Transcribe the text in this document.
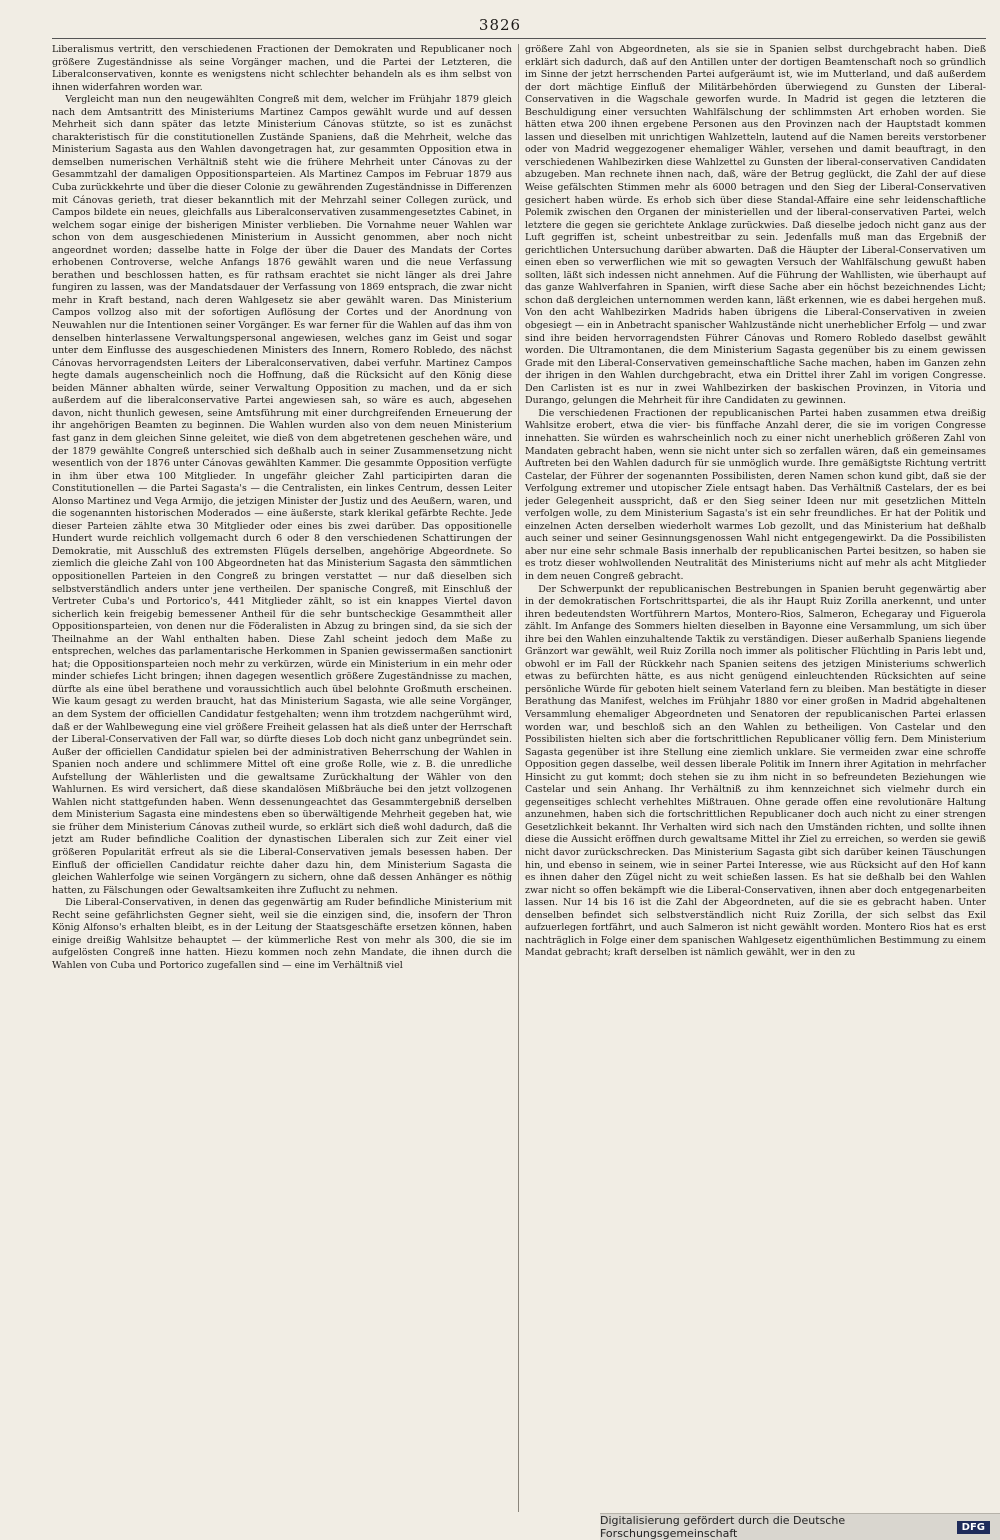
3826

Liberalismus vertritt, den verschiedenen Fractionen der Demokraten und Republicaner noch größere Zugeständnisse als seine Vorgänger machen, und die Partei der Letzteren, die Liberalconservativen, konnte es wenigstens nicht schlechter behandeln als es ihm selbst von ihnen widerfahren worden war.

Vergleicht man nun den neugewählten Congreß mit dem, welcher im Frühjahr 1879 gleich nach dem Amtsantritt des Ministeriums Martinez Campos gewählt wurde und auf dessen Mehrheit sich dann später das letzte Ministerium Cánovas stützte, so ist es zunächst charakteristisch für die constitutionellen Zustände Spaniens, daß die Mehrheit, welche das Ministerium Sagasta aus den Wahlen davongetragen hat, zur gesammten Opposition etwa in demselben numerischen Verhältniß steht wie die frühere Mehrheit unter Cánovas zu der Gesammtzahl der damaligen Oppositionsparteien. Als Martinez Campos im Februar 1879 aus Cuba zurückkehrte und über die dieser Colonie zu gewährenden Zugeständnisse in Differenzen mit Cánovas gerieth, trat dieser bekanntlich mit der Mehrzahl seiner Collegen zurück, und Campos bildete ein neues, gleichfalls aus Liberalconservativen zusammengesetztes Cabinet, in welchem sogar einige der bisherigen Minister verblieben. Die Vornahme neuer Wahlen war schon von dem ausgeschiedenen Ministerium in Aussicht genommen, aber noch nicht angeordnet worden; dasselbe hatte in Folge der über die Dauer des Mandats der Cortes erhobenen Controverse, welche Anfangs 1876 gewählt waren und die neue Verfassung berathen und beschlossen hatten, es für rathsam erachtet sie nicht länger als drei Jahre fungiren zu lassen, was der Mandatsdauer der Verfassung von 1869 entsprach, die zwar nicht mehr in Kraft bestand, nach deren Wahlgesetz sie aber gewählt waren. Das Ministerium Campos vollzog also mit der sofortigen Auflösung der Cortes und der Anordnung von Neuwahlen nur die Intentionen seiner Vorgänger. Es war ferner für die Wahlen auf das ihm von denselben hinterlassene Verwaltungspersonal angewiesen, welches ganz im Geist und sogar unter dem Einflusse des ausgeschiedenen Ministers des Innern, Romero Robledo, des nächst Cánovas hervorragendsten Leiters der Liberalconservativen, dabei verfuhr. Martinez Campos hegte damals augenscheinlich noch die Hoffnung, daß die Rücksicht auf den König diese beiden Männer abhalten würde, seiner Verwaltung Opposition zu machen, und da er sich außerdem auf die liberalconservative Partei angewiesen sah, so wäre es auch, abgesehen davon, nicht thunlich gewesen, seine Amtsführung mit einer durchgreifenden Erneuerung der ihr angehörigen Beamten zu beginnen. Die Wahlen wurden also von dem neuen Ministerium fast ganz in dem gleichen Sinne geleitet, wie dieß von dem abgetretenen geschehen wäre, und der 1879 gewählte Congreß unterschied sich deßhalb auch in seiner Zusammensetzung nicht wesentlich von der 1876 unter Cánovas gewählten Kammer. Die gesammte Opposition verfügte in ihm über etwa 100 Mitglieder. In ungefähr gleicher Zahl participirten daran die Constitutionellen — die Partei Sagasta's — die Centralisten, ein linkes Centrum, dessen Leiter Alonso Martinez und Vega Armijo, die jetzigen Minister der Justiz und des Aeußern, waren, und die sogenannten historischen Moderados — eine äußerste, stark klerikal gefärbte Rechte. Jede dieser Parteien zählte etwa 30 Mitglieder oder eines bis zwei darüber. Das oppositionelle Hundert wurde reichlich vollgemacht durch 6 oder 8 den verschiedenen Schattirungen der Demokratie, mit Ausschluß des extremsten Flügels derselben, angehörige Abgeordnete. So ziemlich die gleiche Zahl von 100 Abgeordneten hat das Ministerium Sagasta den sämmtlichen oppositionellen Parteien in den Congreß zu bringen verstattet — nur daß dieselben sich selbstverständlich anders unter jene vertheilen. Der spanische Congreß, mit Einschluß der Vertreter Cuba's und Portorico's, 441 Mitglieder zählt, so ist ein knappes Viertel davon sicherlich kein freigebig bemessener Antheil für die sehr buntscheckige Gesammtheit aller Oppositionsparteien, von denen nur die Föderalisten in Abzug zu bringen sind, da sie sich der Theilnahme an der Wahl enthalten haben. Diese Zahl scheint jedoch dem Maße zu entsprechen, welches das parlamentarische Herkommen in Spanien gewissermaßen sanctionirt hat; die Oppositionsparteien noch mehr zu verkürzen, würde ein Ministerium in ein mehr oder minder schiefes Licht bringen; ihnen dagegen wesentlich größere Zugeständnisse zu machen, dürfte als eine übel berathene und voraussichtlich auch übel belohnte Großmuth erscheinen. Wie kaum gesagt zu werden braucht, hat das Ministerium Sagasta, wie alle seine Vorgänger, an dem System der officiellen Candidatur festgehalten; wenn ihm trotzdem nachgerühmt wird, daß er der Wahlbewegung eine viel größere Freiheit gelassen hat als dieß unter der Herrschaft der Liberal-Conservativen der Fall war, so dürfte dieses Lob doch nicht ganz unbegründet sein. Außer der officiellen Candidatur spielen bei der administrativen Beherrschung der Wahlen in Spanien noch andere und schlimmere Mittel oft eine große Rolle, wie z. B. die unredliche Aufstellung der Wählerlisten und die gewaltsame Zurückhaltung der Wähler von den Wahlurnen. Es wird versichert, daß diese skandalösen Mißbräuche bei den jetzt vollzogenen Wahlen nicht stattgefunden haben. Wenn dessenungeachtet das Gesammtergebniß derselben dem Ministerium Sagasta eine mindestens eben so überwältigende Mehrheit gegeben hat, wie sie früher dem Ministerium Cánovas zutheil wurde, so erklärt sich dieß wohl dadurch, daß die jetzt am Ruder befindliche Coalition der dynastischen Liberalen sich zur Zeit einer viel größeren Popularität erfreut als sie die Liberal-Conservativen jemals besessen haben. Der Einfluß der officiellen Candidatur reichte daher dazu hin, dem Ministerium Sagasta die gleichen Wahlerfolge wie seinen Vorgängern zu sichern, ohne daß dessen Anhänger es nöthig hatten, zu Fälschungen oder Gewaltsamkeiten ihre Zuflucht zu nehmen.

Die Liberal-Conservativen, in denen das gegenwärtig am Ruder befindliche Ministerium mit Recht seine gefährlichsten Gegner sieht, weil sie die einzigen sind, die, insofern der Thron König Alfonso's erhalten bleibt, es in der Leitung der Staatsgeschäfte ersetzen können, haben einige dreißig Wahlsitze behauptet — der kümmerliche Rest von mehr als 300, die sie im aufgelösten Congreß inne hatten. Hiezu kommen noch zehn Mandate, die ihnen durch die Wahlen von Cuba und Portorico zugefallen sind — eine im Verhältniß viel

größere Zahl von Abgeordneten, als sie sie in Spanien selbst durchgebracht haben. Dieß erklärt sich dadurch, daß auf den Antillen unter der dortigen Beamtenschaft noch so gründlich im Sinne der jetzt herrschenden Partei aufgeräumt ist, wie im Mutterland, und daß außerdem der dort mächtige Einfluß der Militärbehörden überwiegend zu Gunsten der Liberal-Conservativen in die Wagschale geworfen wurde. In Madrid ist gegen die letzteren die Beschuldigung einer versuchten Wahlfälschung der schlimmsten Art erhoben worden. Sie hätten etwa 200 ihnen ergebene Personen aus den Provinzen nach der Hauptstadt kommen lassen und dieselben mit unrichtigen Wahlzetteln, lautend auf die Namen bereits verstorbener oder von Madrid weggezogener ehemaliger Wähler, versehen und damit beauftragt, in den verschiedenen Wahlbezirken diese Wahlzettel zu Gunsten der liberal-conservativen Candidaten abzugeben. Man rechnete ihnen nach, daß, wäre der Betrug geglückt, die Zahl der auf diese Weise gefälschten Stimmen mehr als 6000 betragen und den Sieg der Liberal-Conservativen gesichert haben würde. Es erhob sich über diese Standal-Affaire eine sehr leidenschaftliche Polemik zwischen den Organen der ministeriellen und der liberal-conservativen Partei, welch letztere die gegen sie gerichtete Anklage zurückwies. Daß dieselbe jedoch nicht ganz aus der Luft gegriffen ist, scheint unbestreitbar zu sein. Jedenfalls muß man das Ergebniß der gerichtlichen Untersuchung darüber abwarten. Daß die Häupter der Liberal-Conservativen um einen eben so verwerflichen wie mit so gewagten Versuch der Wahlfälschung gewußt haben sollten, läßt sich indessen nicht annehmen. Auf die Führung der Wahllisten, wie überhaupt auf das ganze Wahlverfahren in Spanien, wirft diese Sache aber ein höchst bezeichnendes Licht; schon daß dergleichen unternommen werden kann, läßt erkennen, wie es dabei hergehen muß. Von den acht Wahlbezirken Madrids haben übrigens die Liberal-Conservativen in zweien obgesiegt — ein in Anbetracht spanischer Wahlzustände nicht unerheblicher Erfolg — und zwar sind ihre beiden hervorragendsten Führer Cánovas und Romero Robledo daselbst gewählt worden. Die Ultramontanen, die dem Ministerium Sagasta gegenüber bis zu einem gewissen Grade mit den Liberal-Conservativen gemeinschaftliche Sache machen, haben im Ganzen zehn der ihrigen in den Wahlen durchgebracht, etwa ein Drittel ihrer Zahl im vorigen Congresse. Den Carlisten ist es nur in zwei Wahlbezirken der baskischen Provinzen, in Vitoria und Durango, gelungen die Mehrheit für ihre Candidaten zu gewinnen.

Die verschiedenen Fractionen der republicanischen Partei haben zusammen etwa dreißig Wahlsitze erobert, etwa die vier- bis fünffache Anzahl derer, die sie im vorigen Congresse innehatten. Sie würden es wahrscheinlich noch zu einer nicht unerheblich größeren Zahl von Mandaten gebracht haben, wenn sie nicht unter sich so zerfallen wären, daß ein gemeinsames Auftreten bei den Wahlen dadurch für sie unmöglich wurde. Ihre gemäßigtste Richtung vertritt Castelar, der Führer der sogenannten Possibilisten, deren Namen schon kund gibt, daß sie der Verfolgung extremer und utopischer Ziele entsagt haben. Das Verhältniß Castelars, der es bei jeder Gelegenheit ausspricht, daß er den Sieg seiner Ideen nur mit gesetzlichen Mitteln verfolgen wolle, zu dem Ministerium Sagasta's ist ein sehr freundliches. Er hat der Politik und einzelnen Acten derselben wiederholt warmes Lob gezollt, und das Ministerium hat deßhalb auch seiner und seiner Gesinnungsgenossen Wahl nicht entgegengewirkt. Da die Possibilisten aber nur eine sehr schmale Basis innerhalb der republicanischen Partei besitzen, so haben sie es trotz dieser wohlwollenden Neutralität des Ministeriums nicht auf mehr als acht Mitglieder in dem neuen Congreß gebracht.

Der Schwerpunkt der republicanischen Bestrebungen in Spanien beruht gegenwärtig aber in der demokratischen Fortschrittspartei, die als ihr Haupt Ruiz Zorilla anerkennt, und unter ihren bedeutendsten Wortführern Martos, Montero-Rios, Salmeron, Echegaray und Figuerola zählt. Im Anfange des Sommers hielten dieselben in Bayonne eine Versammlung, um sich über ihre bei den Wahlen einzuhaltende Taktik zu verständigen. Dieser außerhalb Spaniens liegende Gränzort war gewählt, weil Ruiz Zorilla noch immer als politischer Flüchtling in Paris lebt und, obwohl er im Fall der Rückkehr nach Spanien seitens des jetzigen Ministeriums schwerlich etwas zu befürchten hätte, es aus nicht genügend einleuchtenden Rücksichten auf seine persönliche Würde für geboten hielt seinem Vaterland fern zu bleiben. Man bestätigte in dieser Berathung das Manifest, welches im Frühjahr 1880 vor einer großen in Madrid abgehaltenen Versammlung ehemaliger Abgeordneten und Senatoren der republicanischen Partei erlassen worden war, und beschloß sich an den Wahlen zu betheiligen. Von Castelar und den Possibilisten hielten sich aber die fortschrittlichen Republicaner völlig fern. Dem Ministerium Sagasta gegenüber ist ihre Stellung eine ziemlich unklare. Sie vermeiden zwar eine schroffe Opposition gegen dasselbe, weil dessen liberale Politik im Innern ihrer Agitation in mehrfacher Hinsicht zu gut kommt; doch stehen sie zu ihm nicht in so befreundeten Beziehungen wie Castelar und sein Anhang. Ihr Verhältniß zu ihm kennzeichnet sich vielmehr durch ein gegenseitiges schlecht verhehltes Mißtrauen. Ohne gerade offen eine revolutionäre Haltung anzunehmen, haben sich die fortschrittlichen Republicaner doch auch nicht zu einer strengen Gesetzlichkeit bekannt. Ihr Verhalten wird sich nach den Umständen richten, und sollte ihnen diese die Aussicht eröffnen durch gewaltsame Mittel ihr Ziel zu erreichen, so werden sie gewiß nicht davor zurückschrecken. Das Ministerium Sagasta gibt sich darüber keinen Täuschungen hin, und ebenso in seinem, wie in seiner Partei Interesse, wie aus Rücksicht auf den Hof kann es ihnen daher den Zügel nicht zu weit schießen lassen. Es hat sie deßhalb bei den Wahlen zwar nicht so offen bekämpft wie die Liberal-Conservativen, ihnen aber doch entgegenarbeiten lassen. Nur 14 bis 16 ist die Zahl der Abgeordneten, auf die sie es gebracht haben. Unter denselben befindet sich selbstverständlich nicht Ruiz Zorilla, der sich selbst das Exil aufzuerlegen fortfährt, und auch Salmeron ist nicht gewählt worden. Montero Rios hat es erst nachträglich in Folge einer dem spanischen Wahlgesetz eigenthümlichen Bestimmung zu einem Mandat gebracht; kraft derselben ist nämlich gewählt, wer in den zu

Digitalisierung gefördert durch die Deutsche Forschungsgemeinschaft	DFG
